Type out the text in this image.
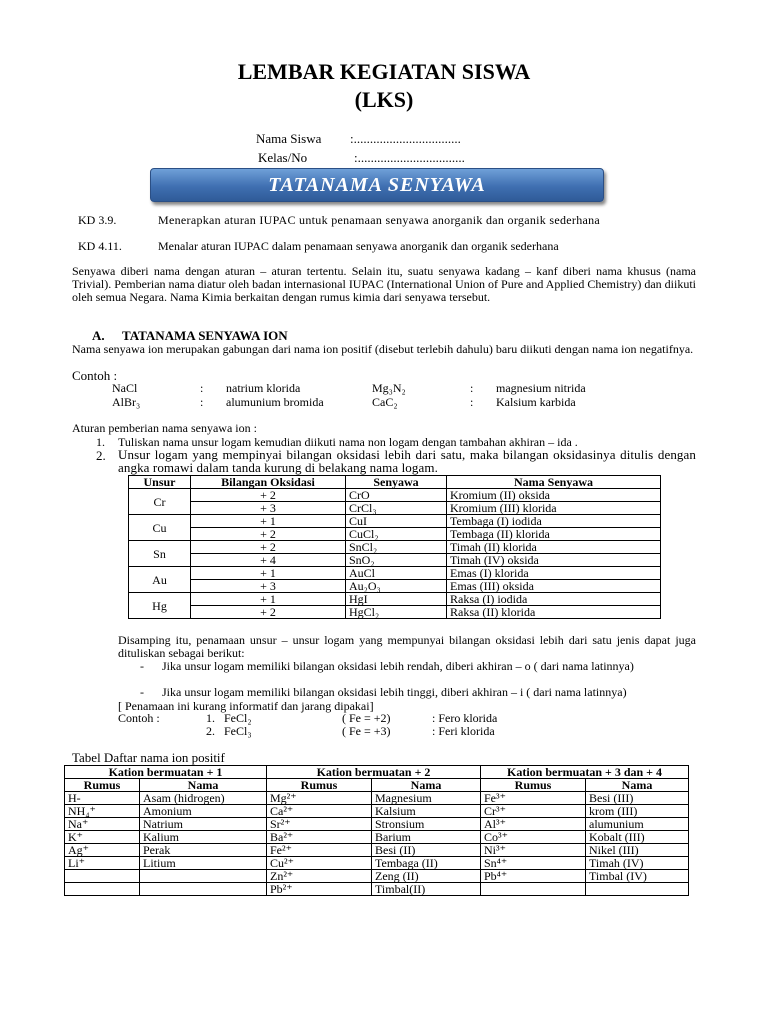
LEMBAR KEGIATAN SISWA
(LKS)
Nama Siswa :.................................
Kelas/No	:.................................
TATANAMA SENYAWA
KD 3.9.	Menerapkan aturan IUPAC untuk penamaan senyawa anorganik dan organik sederhana
KD 4.11.	Menalar aturan IUPAC dalam penamaan senyawa anorganik dan organik sederhana
Senyawa diberi nama dengan aturan – aturan tertentu. Selain itu, suatu senyawa kadang – kanf diberi nama khusus (nama Trivial). Pemberian nama diatur oleh badan internasional IUPAC (International Union of Pure and Applied Chemistry) dan diikuti oleh semua Negara. Nama Kimia berkaitan dengan rumus kimia dari senyawa tersebut.
A. TATANAMA SENYAWA ION
Nama senyawa ion merupakan gabungan dari nama ion positif (disebut terlebih dahulu) baru diikuti dengan nama ion negatifnya.
Contoh :
NaCl	: natrium klorida	Mg₃N₂	: magnesium nitrida
AlBr₃	: alumunium bromida	CaC₂	: Kalsium karbida
Aturan pemberian nama senyawa ion :
1. Tuliskan nama unsur logam kemudian diikuti nama non logam dengan tambahan akhiran – ida .
2. Unsur logam yang mempinyai bilangan oksidasi lebih dari satu, maka bilangan oksidasinya ditulis dengan angka romawi dalam tanda kurung di belakang nama logam.
Unsur	Bilangan Oksidasi	Senyawa	Nama Senyawa
Cr	+ 2	CrO	Kromium (II) oksida
	+ 3	CrCl₃	Kromium (III) klorida
Cu	+ 1	CuI	Tembaga (I) iodida
	+ 2	CuCl₂	Tembaga (II) klorida
Sn	+ 2	SnCl₂	Timah (II) klorida
	+ 4	SnO₂	Timah (IV) oksida
Au	+ 1	AuCl	Emas (I) klorida
	+ 3	Au₂O₃	Emas (III) oksida
Hg	+ 1	HgI	Raksa (I) iodida
	+ 2	HgCl₂	Raksa (II) klorida
Disamping itu, penamaan unsur – unsur logam yang mempunyai bilangan oksidasi lebih dari satu jenis dapat juga dituliskan sebagai berikut:
- Jika unsur logam memiliki bilangan oksidasi lebih rendah, diberi akhiran – o ( dari nama latinnya)
- Jika unsur logam memiliki bilangan oksidasi lebih tinggi, diberi akhiran – i ( dari nama latinnya)
[ Penamaan ini kurang informatif dan jarang dipakai]
Contoh :	1. FeCl₂	( Fe = +2)	: Fero klorida
2. FeCl₃	( Fe = +3)	: Feri klorida
Tabel Daftar nama ion positif
Kation bermuatan + 1		Kation bermuatan + 2		Kation bermuatan + 3 dan + 4	
Rumus	Nama	Rumus	Nama	Rumus	Nama
H-	Asam (hidrogen)	Mg²⁺	Magnesium	Fe³⁺	Besi (III)
NH₄⁺	Amonium	Ca²⁺	Kalsium	Cr³⁺	krom (III)
Na⁺	Natrium	Sr²⁺	Stronsium	Al³⁺	alumunium
K⁺	Kalium	Ba²⁺	Barium	Co³⁺	Kobalt (III)
Ag⁺	Perak	Fe²⁺	Besi (II)	Ni³⁺	Nikel (III)
Li⁺	Litium	Cu²⁺	Tembaga (II)	Sn⁴⁺	Timah (IV)
		Zn²⁺	Zeng (II)	Pb⁴⁺	Timbal (IV)
		Pb²⁺	Timbal(II)		
